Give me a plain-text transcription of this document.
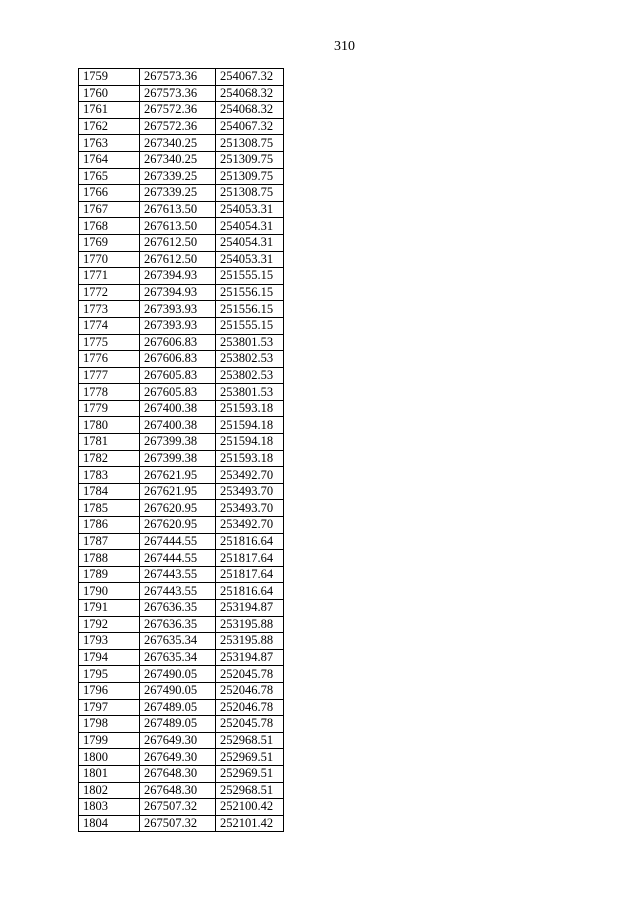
310
1759	267573.36	254067.32
1760	267573.36	254068.32
1761	267572.36	254068.32
1762	267572.36	254067.32
1763	267340.25	251308.75
1764	267340.25	251309.75
1765	267339.25	251309.75
1766	267339.25	251308.75
1767	267613.50	254053.31
1768	267613.50	254054.31
1769	267612.50	254054.31
1770	267612.50	254053.31
1771	267394.93	251555.15
1772	267394.93	251556.15
1773	267393.93	251556.15
1774	267393.93	251555.15
1775	267606.83	253801.53
1776	267606.83	253802.53
1777	267605.83	253802.53
1778	267605.83	253801.53
1779	267400.38	251593.18
1780	267400.38	251594.18
1781	267399.38	251594.18
1782	267399.38	251593.18
1783	267621.95	253492.70
1784	267621.95	253493.70
1785	267620.95	253493.70
1786	267620.95	253492.70
1787	267444.55	251816.64
1788	267444.55	251817.64
1789	267443.55	251817.64
1790	267443.55	251816.64
1791	267636.35	253194.87
1792	267636.35	253195.88
1793	267635.34	253195.88
1794	267635.34	253194.87
1795	267490.05	252045.78
1796	267490.05	252046.78
1797	267489.05	252046.78
1798	267489.05	252045.78
1799	267649.30	252968.51
1800	267649.30	252969.51
1801	267648.30	252969.51
1802	267648.30	252968.51
1803	267507.32	252100.42
1804	267507.32	252101.42
